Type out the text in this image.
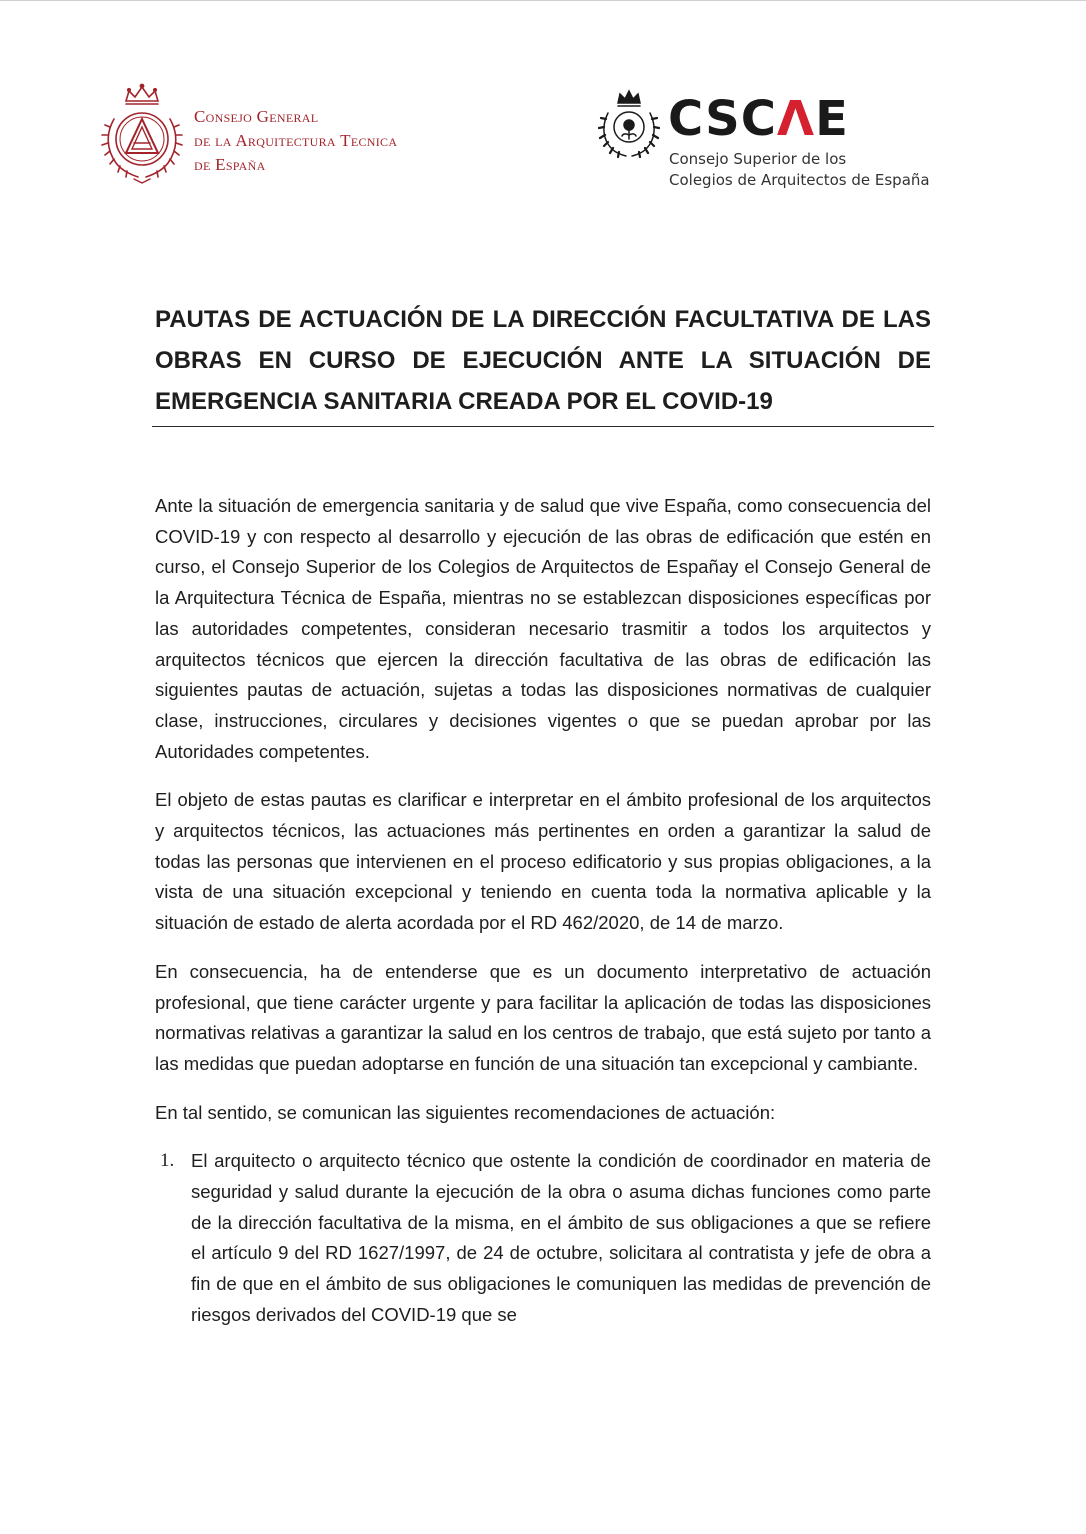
Consejo General
de la Arquitectura Tecnica
de España
CSCΛE
Consejo Superior de los
Colegios de Arquitectos de España
PAUTAS DE ACTUACIÓN DE LA DIRECCIÓN FACULTATIVA DE LAS OBRAS EN CURSO DE EJECUCIÓN ANTE LA SITUACIÓN DE EMERGENCIA SANITARIA CREADA POR EL COVID-19

Ante la situación de emergencia sanitaria y de salud que vive España, como consecuencia del COVID-19 y con respecto al desarrollo y ejecución de las obras de edificación que estén en curso, el Consejo Superior de los Colegios de Arquitectos de Españay el Consejo General de la Arquitectura Técnica de España, mientras no se establezcan disposiciones específicas por las autoridades competentes, consideran necesario trasmitir a todos los arquitectos y arquitectos técnicos que ejercen la dirección facultativa de las obras de edificación las siguientes pautas de actuación, sujetas a todas las disposiciones normativas de cualquier clase, instrucciones, circulares y decisiones vigentes o que se puedan aprobar por las Autoridades competentes.

El objeto de estas pautas es clarificar e interpretar en el ámbito profesional de los arquitectos y arquitectos técnicos, las actuaciones más pertinentes en orden a garantizar la salud de todas las personas que intervienen en el proceso edificatorio y sus propias obligaciones, a la vista de una situación excepcional y teniendo en cuenta toda la normativa aplicable y la situación de estado de alerta acordada por el RD 462/2020, de 14 de marzo.

En consecuencia, ha de entenderse que es un documento interpretativo de actuación profesional, que tiene carácter urgente y para facilitar la aplicación de todas las disposiciones normativas relativas a garantizar la salud en los centros de trabajo, que está sujeto por tanto a las medidas que puedan adoptarse en función de una situación tan excepcional y cambiante.

En tal sentido, se comunican las siguientes recomendaciones de actuación:

1. El arquitecto o arquitecto técnico que ostente la condición de coordinador en materia de seguridad y salud durante la ejecución de la obra o asuma dichas funciones como parte de la dirección facultativa de la misma, en el ámbito de sus obligaciones a que se refiere el artículo 9 del RD 1627/1997, de 24 de octubre, solicitara al contratista y jefe de obra a fin de que en el ámbito de sus obligaciones le comuniquen las medidas de prevención de riesgos derivados del COVID-19 que se
